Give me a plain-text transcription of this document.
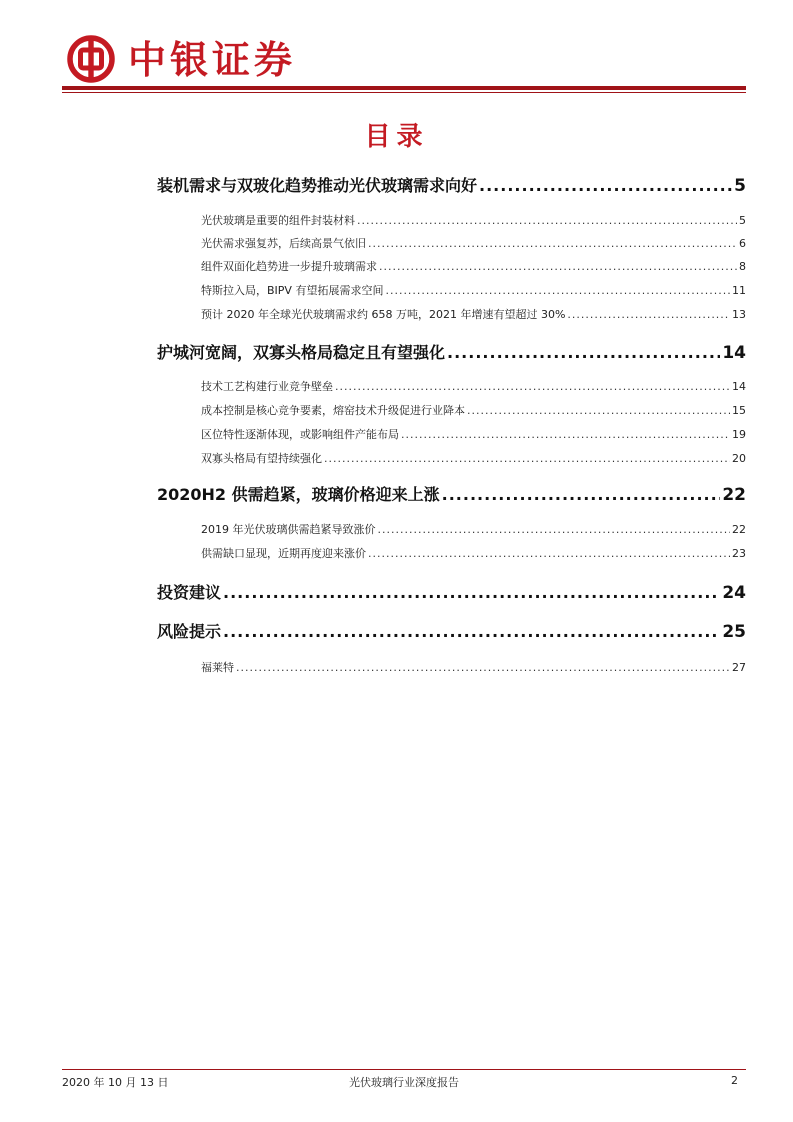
中银证券
目录
装机需求与双玻化趋势推动光伏玻璃需求向好 .....	5
光伏玻璃是重要的组件封装材料 .....	5
光伏需求强复苏，后续高景气依旧 .....	6
组件双面化趋势进一步提升玻璃需求 .....	8
特斯拉入局，BIPV 有望拓展需求空间 .....	11
预计 2020 年全球光伏玻璃需求约 658 万吨，2021 年增速有望超过 30% .....	13
护城河宽阔，双寡头格局稳定且有望强化 .....	14
技术工艺构建行业竞争壁垒 .....	14
成本控制是核心竞争要素，熔窑技术升级促进行业降本 .....	15
区位特性逐渐体现，或影响组件产能布局 .....	19
双寡头格局有望持续强化 .....	20
2020H2 供需趋紧，玻璃价格迎来上涨 .....	22
2019 年光伏玻璃供需趋紧导致涨价 .....	22
供需缺口显现，近期再度迎来涨价 .....	23
投资建议 .....	24
风险提示 .....	25
福莱特 .....	27
2020 年 10 月 13 日	光伏玻璃行业深度报告	2
